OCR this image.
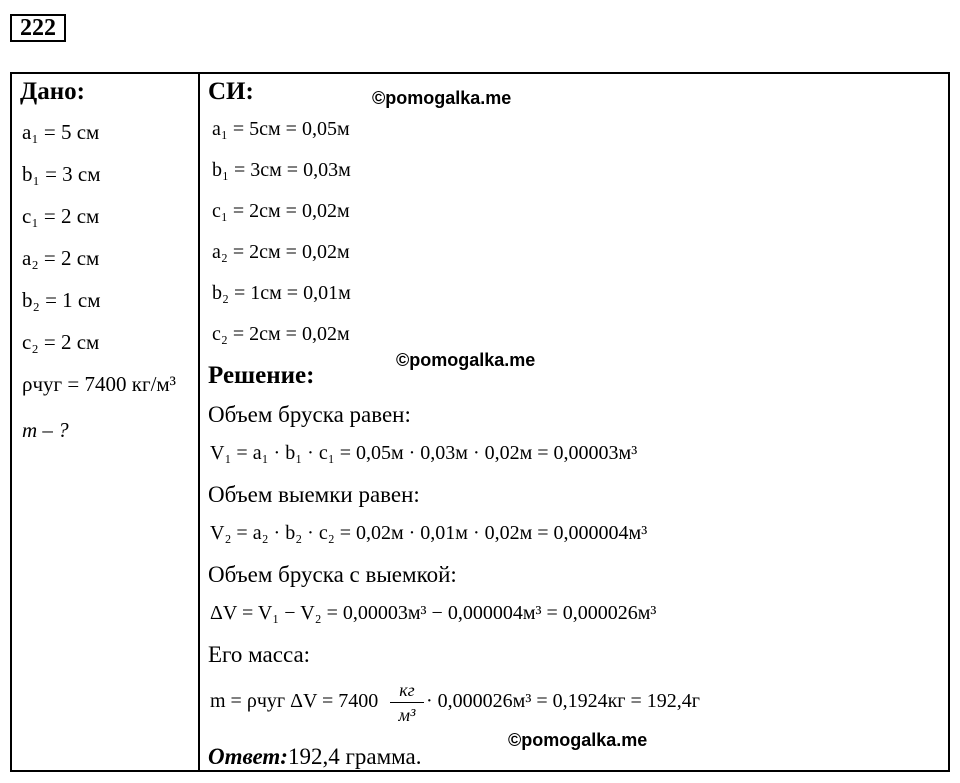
222
Дано:
a₁ = 5 см
b₁ = 3 см
c₁ = 2 см
a₂ = 2 см
b₂ = 1 см
c₂ = 2 см
ρчуг = 7400 кг/м³
m – ?
СИ:
a₁ = 5см = 0,05м
b₁ = 3см = 0,03м
c₁ = 2см = 0,02м
a₂ = 2см = 0,02м
b₂ = 1см = 0,01м
c₂ = 2см = 0,02м
Решение:
Объем бруска равен:
V₁ = a₁ · b₁ · c₁ = 0,05м · 0,03м · 0,02м = 0,00003м³
Объем выемки равен:
V₂ = a₂ · b₂ · c₂ = 0,02м · 0,01м · 0,02м = 0,000004м³
Объем бруска с выемкой:
ΔV = V₁ − V₂ = 0,00003м³ − 0,000004м³ = 0,000026м³
Его масса:
m = ρчуг ΔV = 7400	кг
м³
· 0,000026м³ = 0,1924кг = 192,4г
Ответ:192,4 грамма.
©pomogalka.me
©pomogalka.me
©pomogalka.me
